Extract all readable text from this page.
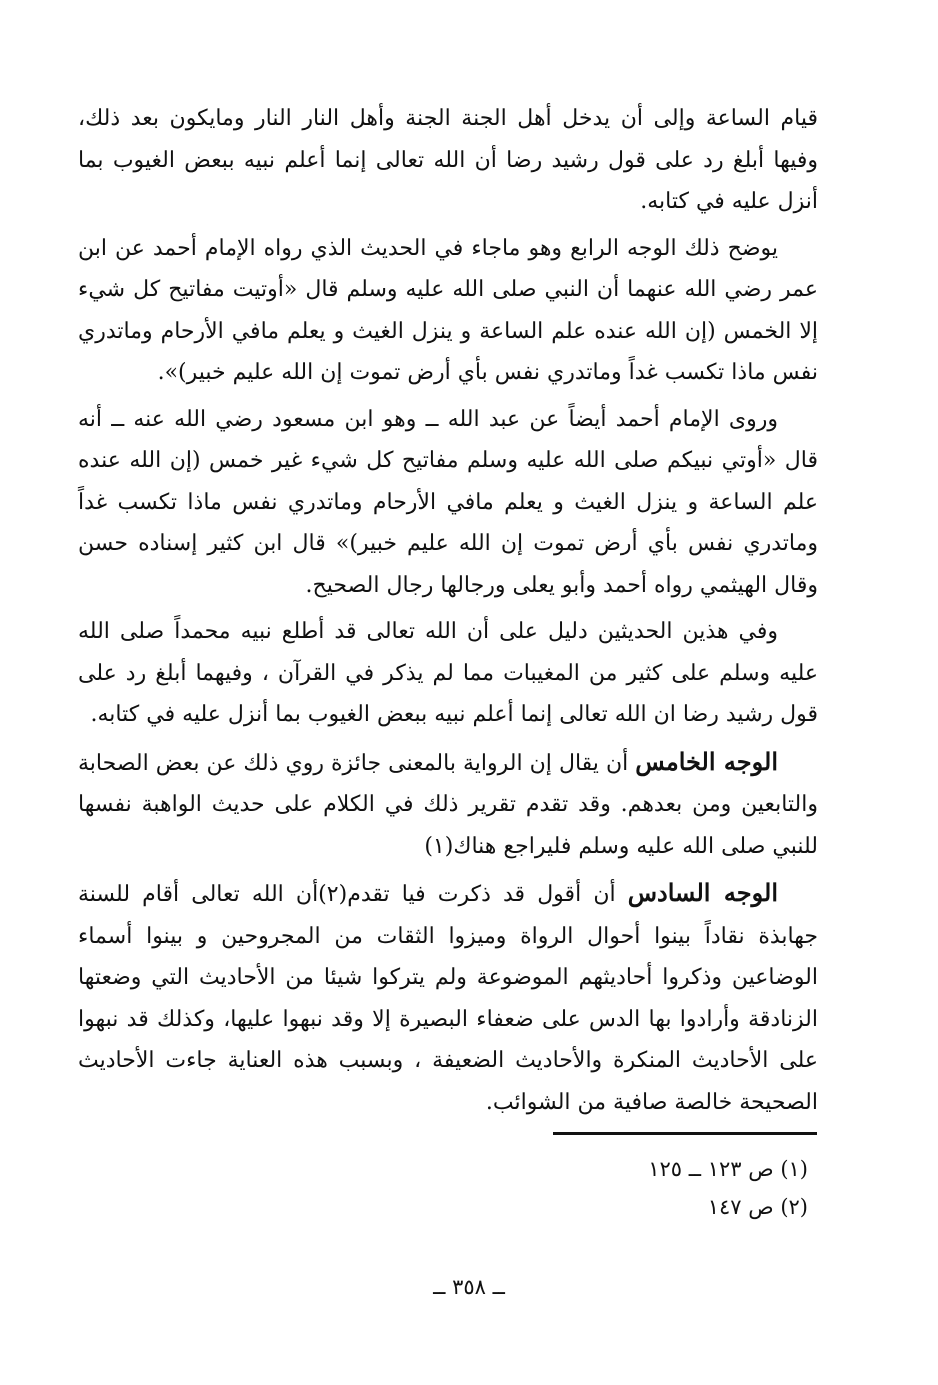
قيام الساعة وإلى أن يدخل أهل الجنة الجنة وأهل النار النار ومايكون بعد ذلك، وفيها أبلغ رد على قول رشيد رضا أن الله تعالى إنما أعلم نبيه ببعض الغيوب بما أنزل عليه في كتابه.

يوضح ذلك الوجه الرابع وهو ماجاء في الحديث الذي رواه الإمام أحمد عن ابن عمر رضي الله عنهما أن النبي صلى الله عليه وسلم قال «أوتيت مفاتيح كل شيء إلا الخمس (إن الله عنده علم الساعة و ينزل الغيث و يعلم مافي الأرحام وماتدري نفس ماذا تكسب غداً وماتدري نفس بأي أرض تموت إن الله عليم خبير)».

وروى الإمام أحمد أيضاً عن عبد الله ــ وهو ابن مسعود رضي الله عنه ــ أنه قال «أوتي نبيكم صلى الله عليه وسلم مفاتيح كل شيء غير خمس (إن الله عنده علم الساعة و ينزل الغيث و يعلم مافي الأرحام وماتدري نفس ماذا تكسب غداً وماتدري نفس بأي أرض تموت إن الله عليم خبير)» قال ابن كثير إسناده حسن وقال الهيثمي رواه أحمد وأبو يعلى ورجالها رجال الصحيح.

وفي هذين الحديثين دليل على أن الله تعالى قد أطلع نبيه محمداً صلى الله عليه وسلم على كثير من المغيبات مما لم يذكر في القرآن ، وفيهما أبلغ رد على قول رشيد رضا ان الله تعالى إنما أعلم نبيه ببعض الغيوب بما أنزل عليه في كتابه.

الوجه الخامس أن يقال إن الرواية بالمعنى جائزة روي ذلك عن بعض الصحابة والتابعين ومن بعدهم. وقد تقدم تقرير ذلك في الكلام على حديث الواهبة نفسها للنبي صلى الله عليه وسلم فليراجع هناك(١)

الوجه السادس أن أقول قد ذكرت فيا تقدم(٢)أن الله تعالى أقام للسنة جهابذة نقاداً بينوا أحوال الرواة وميزوا الثقات من المجروحين و بينوا أسماء الوضاعين وذكروا أحاديثهم الموضوعة ولم يتركوا شيئا من الأحاديث التي وضعتها الزنادقة وأرادوا بها الدس على ضعفاء البصيرة إلا وقد نبهوا عليها، وكذلك قد نبهوا على الأحاديث المنكرة والأحاديث الضعيفة ، وبسبب هذه العناية جاءت الأحاديث الصحيحة خالصة صافية من الشوائب.

(١) ص ١٢٣ ــ ١٢٥
(٢) ص ١٤٧
ــ ٣٥٨ ــ
